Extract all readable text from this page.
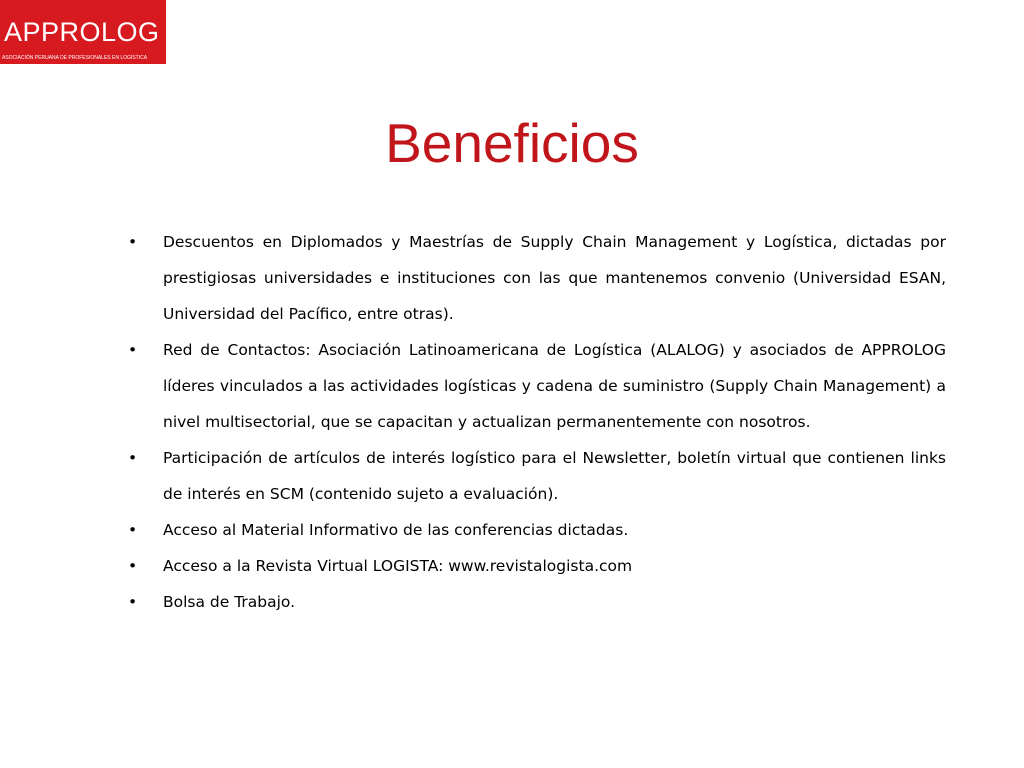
APPROLOG
ASOCIACIÓN PERUANA DE PROFESIONALES EN LOGÍSTICA
Beneficios
• Descuentos en Diplomados y Maestrías de Supply Chain Management y Logística, dictadas por prestigiosas universidades e instituciones con las que mantenemos convenio (Universidad ESAN, Universidad del Pacífico, entre otras).
• Red de Contactos: Asociación Latinoamericana de Logística (ALALOG) y asociados de APPROLOG líderes vinculados a las actividades logísticas y cadena de suministro (Supply Chain Management) a nivel multisectorial, que se capacitan y actualizan permanentemente con nosotros.
• Participación de artículos de interés logístico para el Newsletter, boletín virtual que contienen links de interés en SCM (contenido sujeto a evaluación).
• Acceso al Material Informativo de las conferencias dictadas.
• Acceso a la Revista Virtual LOGISTA: www.revistalogista.com
• Bolsa de Trabajo.
